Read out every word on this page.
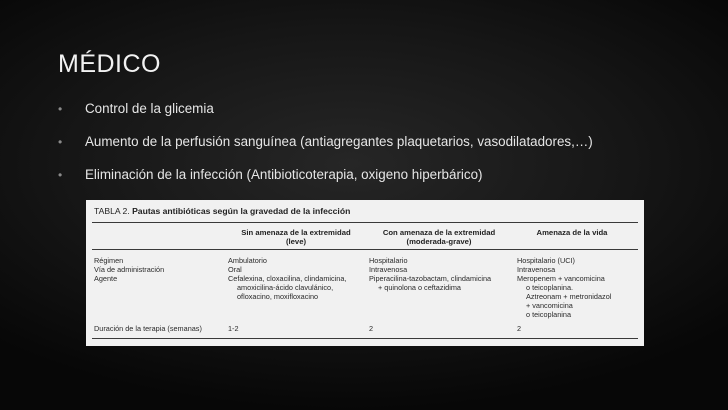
MÉDICO
• Control de la glicemia
• Aumento de la perfusión sanguínea (antiagregantes plaquetarios, vasodilatadores,…)
• Eliminación de la infección (Antibioticoterapia, oxigeno hiperbárico)
TABLA 2. Pautas antibióticas según la gravedad de la infección
Sin amenaza de la extremidad
(leve)
Con amenaza de la extremidad
(moderada-grave)
Amenaza de la vida
Régimen
Vía de administración
Agente
Duración de la terapia (semanas)
Ambulatorio
Oral
Cefalexina, cloxacilina, clindamicina,
amoxicilina-ácido clavulánico,
ofloxacino, moxifloxacino
1-2
Hospitalario
Intravenosa
Piperacilina-tazobactam, clindamicina
+ quinolona o ceftazidima
2
Hospitalario (UCI)
Intravenosa
Meropenem + vancomicina
o teicoplanina.
Aztreonam + metronidazol
+ vancomicina
o teicoplanina
2
